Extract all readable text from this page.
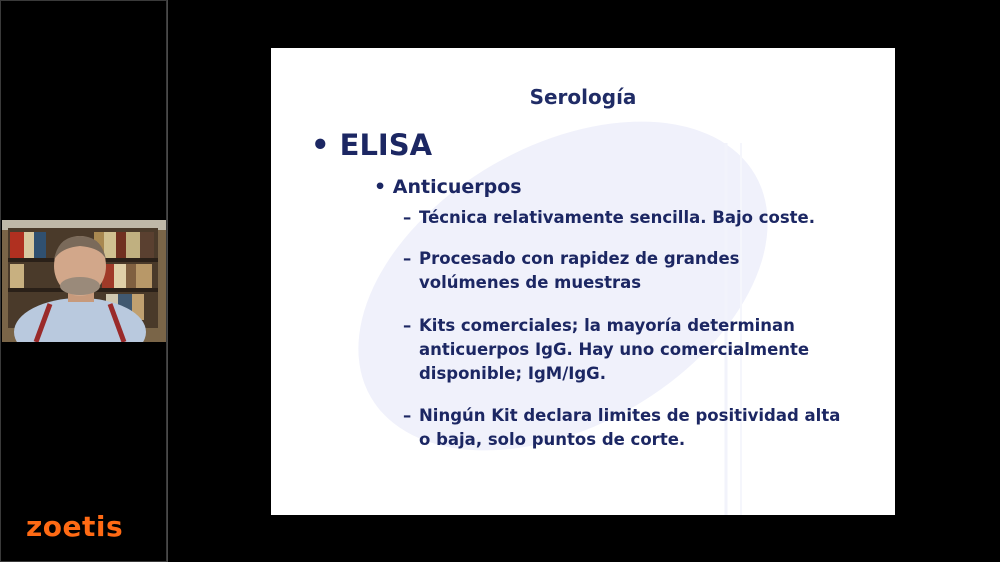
zoetis
Serología
• ELISA
• Anticuerpos
– Técnica relativamente sencilla. Bajo coste.
– Procesado con rapidez de grandes volúmenes de muestras
– Kits comerciales; la mayoría determinan anticuerpos IgG. Hay uno comercialmente disponible; IgM/IgG.
– Ningún Kit declara limites de positividad alta o baja, solo puntos de corte.
